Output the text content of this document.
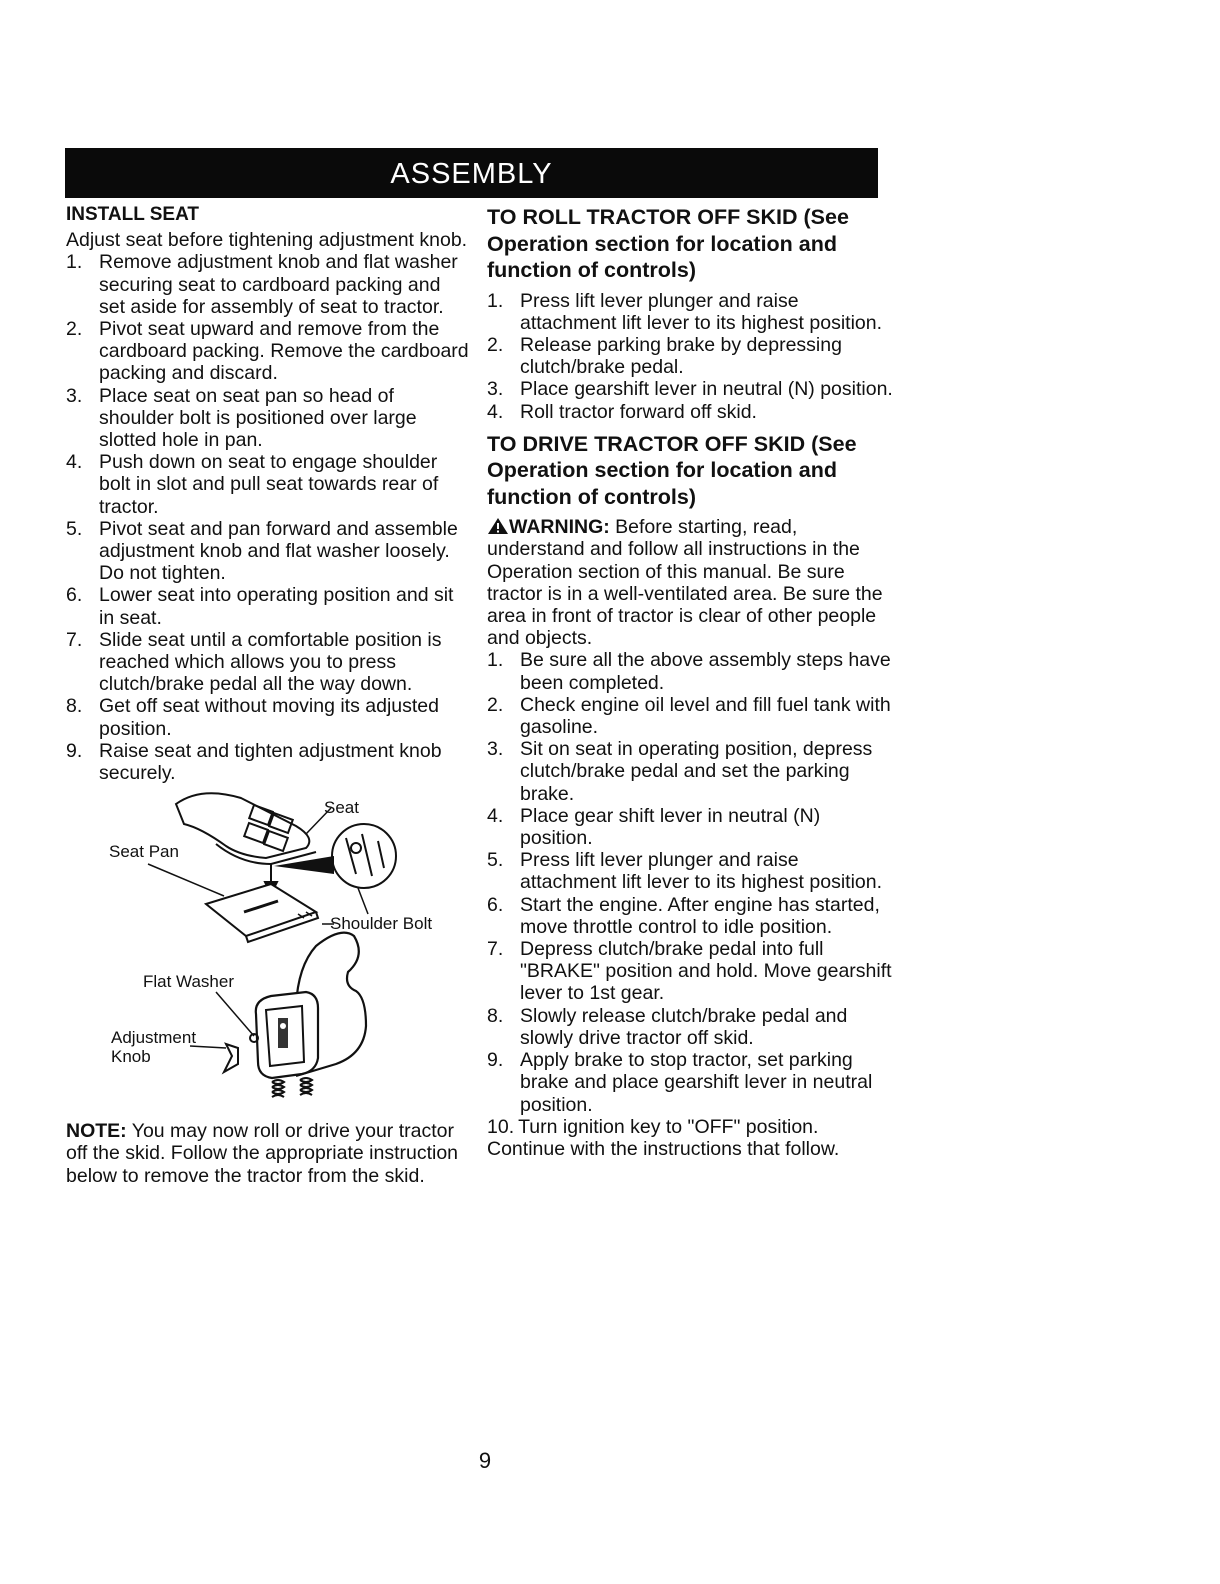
ASSEMBLY
INSTALL SEAT

Adjust seat before tightening adjustment knob.

1. Remove adjustment knob and flat washer securing seat to cardboard packing and set aside for assembly of seat to tractor.
2. Pivot seat upward and remove from the cardboard packing. Remove the cardboard packing and discard.
3. Place seat on seat pan so head of shoulder bolt is positioned over large slotted hole in pan.
4. Push down on seat to engage shoulder bolt in slot and pull seat towards rear of tractor.
5. Pivot seat and pan forward and assemble adjustment knob and flat washer loosely. Do not tighten.
6. Lower seat into operating position and sit in seat.
7. Slide seat until a comfortable position is reached which allows you to press clutch/brake pedal all the way down.
8. Get off seat without moving its adjusted position.
9. Raise seat and tighten adjustment knob securely.
Seat
Seat Pan
Shoulder Bolt
Flat Washer
Adjustment
Knob

NOTE: You may now roll or drive your tractor off the skid. Follow the appropriate instruction below to remove the tractor from the skid.

TO ROLL TRACTOR OFF SKID (See Operation section for location and function of controls)
1. Press lift lever plunger and raise attachment lift lever to its highest position.
2. Release parking brake by depressing clutch/brake pedal.
3. Place gearshift lever in neutral (N) position.
4. Roll tractor forward off skid.
TO DRIVE TRACTOR OFF SKID (See Operation section for location and function of controls)

WARNING: Before starting, read, understand and follow all instructions in the Operation section of this manual. Be sure tractor is in a well-ventilated area. Be sure the area in front of tractor is clear of other people and objects.

1. Be sure all the above assembly steps have been completed.
2. Check engine oil level and fill fuel tank with gasoline.
3. Sit on seat in operating position, depress clutch/brake pedal and set the parking brake.
4. Place gear shift lever in neutral (N) position.
5. Press lift lever plunger and raise attachment lift lever to its highest position.
6. Start the engine. After engine has started, move throttle control to idle position.
7. Depress clutch/brake pedal into full "BRAKE" position and hold. Move gearshift lever to 1st gear.
8. Slowly release clutch/brake pedal and slowly drive tractor off skid.
9. Apply brake to stop tractor, set parking brake and place gearshift lever in neutral position.
10. Turn ignition key to "OFF" position.

Continue with the instructions that follow.

9
